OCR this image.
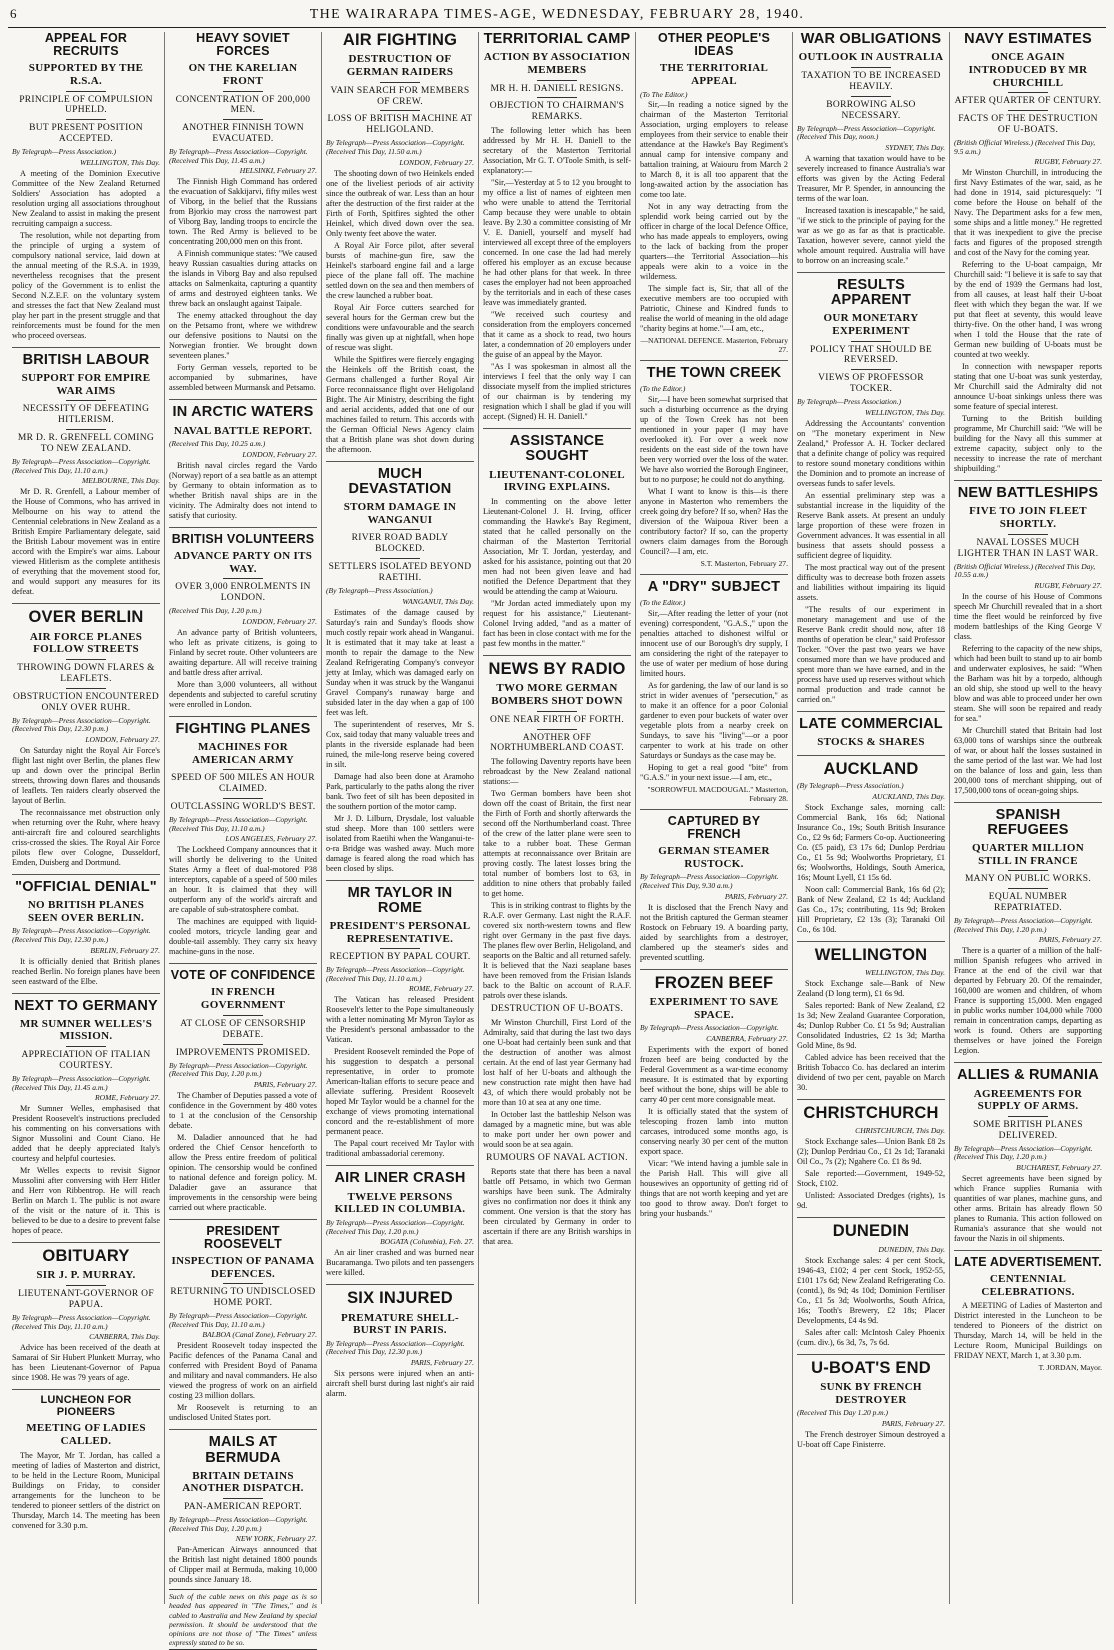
6	THE WAIRARAPA TIMES-AGE, WEDNESDAY, FEBRUARY 28, 1940.
APPEAL FOR RECRUITS
SUPPORTED BY THE R.S.A.
PRINCIPLE OF COMPULSION UPHELD.
BUT PRESENT POSITION ACCEPTED.
By Telegraph—Press Association.)
WELLINGTON, This Day.

A meeting of the Dominion Executive Committee of the New Zealand Returned Soldiers' Association has adopted a resolution urging all associations throughout New Zealand to assist in making the present recruiting campaign a success.

The resolution, while not departing from the principle of urging a system of compulsory national service, laid down at the annual meeting of the R.S.A. in 1939, nevertheless recognises that the present policy of the Government is to enlist the Second N.Z.E.F. on the voluntary system and stresses the fact that New Zealand must play her part in the present struggle and that reinforcements must be found for the men who proceed overseas.

BRITISH LABOUR
SUPPORT FOR EMPIRE WAR AIMS
NECESSITY OF DEFEATING HITLERISM.
MR D. R. GRENFELL COMING TO NEW ZEALAND.
By Telegraph—Press Association—Copyright. (Received This Day, 11.10 a.m.)
MELBOURNE, This Day.

Mr D. R. Grenfell, a Labour member of the House of Commons, who has arrived in Melbourne on his way to attend the Centennial celebrations in New Zealand as a British Empire Parliamentary delegate, said the British Labour movement was in entire accord with the Empire's war aims. Labour viewed Hitlerism as the complete antithesis of everything that the movement stood for, and would support any measures for its defeat.

OVER BERLIN
AIR FORCE PLANES FOLLOW STREETS
THROWING DOWN FLARES & LEAFLETS.
OBSTRUCTION ENCOUNTERED ONLY OVER RUHR.
By Telegraph—Press Association—Copyright. (Received This Day, 12.30 p.m.)
LONDON, February 27.

On Saturday night the Royal Air Force's flight last night over Berlin, the planes flew up and down over the principal Berlin streets, throwing down flares and thousands of leaflets. Ten raiders clearly observed the layout of Berlin.

The reconnaissance met obstruction only when returning over the Ruhr, where heavy anti-aircraft fire and coloured searchlights criss-crossed the skies. The Royal Air Force pilots flew over Cologne, Dusseldorf, Emden, Duisberg and Dortmund.

"OFFICIAL DENIAL"
NO BRITISH PLANES SEEN OVER BERLIN.
By Telegraph—Press Association—Copyright. (Received This Day, 12.30 p.m.)
BERLIN, February 27.

It is officially denied that British planes reached Berlin. No foreign planes have been seen eastward of the Elbe.

NEXT TO GERMANY
MR SUMNER WELLES'S MISSION.
APPRECIATION OF ITALIAN COURTESY.
By Telegraph—Press Association—Copyright. (Received This Day, 11.45 a.m.)
ROME, February 27.

Mr Sumner Welles, emphasised that President Roosevelt's instructions precluded his commenting on his conversations with Signor Mussolini and Count Ciano. He added that he deeply appreciated Italy's courtesy and helpful courtesies.

Mr Welles expects to revisit Signor Mussolini after conversing with Herr Hitler and Herr von Ribbentrop. He will reach Berlin on March 1. The public is not aware of the visit or the nature of it. This is believed to be due to a desire to prevent false hopes of peace.

OBITUARY
SIR J. P. MURRAY.
LIEUTENANT-GOVERNOR OF PAPUA.
By Telegraph—Press Association—Copyright. (Received This Day, 11.10 a.m.)
CANBERRA, This Day.

Advice has been received of the death at Samarai of Sir Hubert Plunkett Murray, who has been Lieutenant-Governor of Papua since 1908. He was 79 years of age.

LUNCHEON FOR PIONEERS
MEETING OF LADIES CALLED.

The Mayor, Mr T. Jordan, has called a meeting of ladies of Masterton and district, to be held in the Lecture Room, Municipal Buildings on Friday, to consider arrangements for the luncheon to be tendered to pioneer settlers of the district on Thursday, March 14. The meeting has been convened for 3.30 p.m.

HEAVY SOVIET FORCES
ON THE KARELIAN FRONT
CONCENTRATION OF 200,000 MEN.
ANOTHER FINNISH TOWN EVACUATED.
By Telegraph—Press Association—Copyright. (Received This Day, 11.45 a.m.)
HELSINKI, February 27.

The Finnish High Command has ordered the evacuation of Sakkijarvi, fifty miles west of Viborg, in the belief that the Russians from Bjorkio may cross the narrowest part of Viborg Bay, landing troops to encircle the town. The Red Army is believed to be concentrating 200,000 men on this front.

A Finnish communique states: "We caused heavy Russian casualties during attacks on the islands in Viborg Bay and also repulsed attacks on Salmenkaita, capturing a quantity of arms and destroyed eighteen tanks. We threw back an onslaught against Taipale.

The enemy attacked throughout the day on the Petsamo front, where we withdrew our defensive positions to Nautsi on the Norwegian frontier. We brought down seventeen planes."

Forty German vessels, reported to be accompanied by submarines, have assembled between Murmansk and Petsamo.

IN ARCTIC WATERS
NAVAL BATTLE REPORT.
(Received This Day, 10.25 a.m.)
LONDON, February 27.

British naval circles regard the Vardo (Norway) report of a sea battle as an attempt by Germany to obtain information as to whether British naval ships are in the vicinity. The Admiralty does not intend to satisfy that curiosity.

BRITISH VOLUNTEERS
ADVANCE PARTY ON ITS WAY.
OVER 3,000 ENROLMENTS IN LONDON.
(Received This Day, 1.20 p.m.)
LONDON, February 27.

An advance party of British volunteers, who left as private citizens, is going to Finland by secret route. Other volunteers are awaiting departure. All will receive training and battle dress after arrival.

More than 3,000 volunteers, all without dependents and subjected to careful scrutiny were enrolled in London.

FIGHTING PLANES
MACHINES FOR AMERICAN ARMY
SPEED OF 500 MILES AN HOUR CLAIMED.
OUTCLASSING WORLD'S BEST.
By Telegraph—Press Association—Copyright. (Received This Day, 11.10 a.m.)
LOS ANGELES, February 27.

The Lockheed Company announces that it will shortly be delivering to the United States Army a fleet of dual-motored P38 interceptors, capable of a speed of 500 miles an hour. It is claimed that they will outperform any of the world's aircraft and are capable of sub-stratosphere combat.

The machines are equipped with liquid-cooled motors, tricycle landing gear and double-tail assembly. They carry six heavy machine-guns in the nose.

VOTE OF CONFIDENCE
IN FRENCH GOVERNMENT
AT CLOSE OF CENSORSHIP DEBATE.
IMPROVEMENTS PROMISED.
By Telegraph—Press Association—Copyright. (Received This Day, 1.20 p.m.)
PARIS, February 27.

The Chamber of Deputies passed a vote of confidence in the Government by 480 votes to 1 at the conclusion of the Censorship debate.

M. Daladier announced that he had ordered the Chief Censor henceforth to allow the Press entire freedom of political opinion. The censorship would be confined to national defence and foreign policy. M. Daladier gave an assurance that improvements in the censorship were being carried out where practicable.

PRESIDENT ROOSEVELT
INSPECTION OF PANAMA DEFENCES.
RETURNING TO UNDISCLOSED HOME PORT.
By Telegraph—Press Association—Copyright. (Received This Day, 11.10 a.m.)
BALBOA (Canal Zone), February 27.

President Roosevelt today inspected the Pacific defences of the Panama Canal and conferred with President Boyd of Panama and military and naval commanders. He also viewed the progress of work on an airfield costing 23 million dollars.

Mr Roosevelt is returning to an undisclosed United States port.

MAILS AT BERMUDA
BRITAIN DETAINS ANOTHER DISPATCH.
PAN-AMERICAN REPORT.
By Telegraph—Press Association—Copyright. (Received This Day, 1.20 p.m.)
NEW YORK, February 27.

Pan-American Airways announced that the British last night detained 1800 pounds of Clipper mail at Bermuda, making 10,000 pounds since January 18.

Such of the cable news on this page as is so headed has appeared in "The Times," and is cabled to Australia and New Zealand by special permission. It should be understood that the opinions are not those of "The Times" unless expressly stated to be so.
AIR FIGHTING
DESTRUCTION OF GERMAN RAIDERS
VAIN SEARCH FOR MEMBERS OF CREW.
LOSS OF BRITISH MACHINE AT HELIGOLAND.
By Telegraph—Press Association—Copyright. (Received This Day, 11.50 a.m.)
LONDON, February 27.

The shooting down of two Heinkels ended one of the liveliest periods of air activity since the outbreak of war. Less than an hour after the destruction of the first raider at the Firth of Forth, Spitfires sighted the other Heinkel, which dived down over the sea. Only twenty feet above the water.

A Royal Air Force pilot, after several bursts of machine-gun fire, saw the Heinkel's starboard engine fail and a large piece of the plane fall off. The machine settled down on the sea and then members of the crew launched a rubber boat.

Royal Air Force cutters searched for several hours for the German crew but the conditions were unfavourable and the search finally was given up at nightfall, when hope of rescue was slight.

While the Spitfires were fiercely engaging the Heinkels off the British coast, the Germans challenged a further Royal Air Force reconnaissance flight over Heligoland Bight. The Air Ministry, describing the fight and aerial accidents, added that one of our machines failed to return. This accords with the German Official News Agency claim that a British plane was shot down during the afternoon.

MUCH DEVASTATION
STORM DAMAGE IN WANGANUI
RIVER ROAD BADLY BLOCKED.
SETTLERS ISOLATED BEYOND RAETIHI.
(By Telegraph—Press Association.)
WANGANUI, This Day.

Estimates of the damage caused by Saturday's rain and Sunday's floods show much costly repair work ahead in Wanganui. It is estimated that it may take at least a month to repair the damage to the New Zealand Refrigerating Company's conveyor jetty at Imlay, which was damaged early on Sunday when it was struck by the Wanganui Gravel Company's runaway barge and subsided later in the day when a gap of 100 feet was left.

The superintendent of reserves, Mr S. Cox, said today that many valuable trees and plants in the riverside esplanade had been ruined, the mile-long reserve being covered in silt.

Damage had also been done at Aramoho Park, particularly to the paths along the river bank. Two feet of silt has been deposited in the southern portion of the motor camp.

Mr J. D. Lilburn, Drysdale, lost valuable stud sheep. More than 100 settlers were isolated from Raetihi when the Wanganui-te-o-ra Bridge was washed away. Much more damage is feared along the road which has been closed by slips.

MR TAYLOR IN ROME
PRESIDENT'S PERSONAL REPRESENTATIVE.
RECEPTION BY PAPAL COURT.
By Telegraph—Press Association—Copyright. (Received This Day, 11.10 a.m.)
ROME, February 27.

The Vatican has released President Roosevelt's letter to the Pope simultaneously with a letter nominating Mr Myron Taylor as the President's personal ambassador to the Vatican.

President Roosevelt reminded the Pope of his suggestion to despatch a personal representative, in order to promote American-Italian efforts to secure peace and alleviate suffering. President Roosevelt hoped Mr Taylor would be a channel for the exchange of views promoting international concord and the re-establishment of more permanent peace.

The Papal court received Mr Taylor with traditional ambassadorial ceremony.

AIR LINER CRASH
TWELVE PERSONS KILLED IN COLUMBIA.
By Telegraph—Press Association—Copyright. (Received This Day, 1.20 p.m.)
BOGATA (Columbia), Feb. 27.

An air liner crashed and was burned near Bucaramanga. Two pilots and ten passengers were killed.

SIX INJURED
PREMATURE SHELL-BURST IN PARIS.
By Telegraph—Press Association—Copyright. (Received This Day, 12.30 p.m.)
PARIS, February 27.

Six persons were injured when an anti-aircraft shell burst during last night's air raid alarm.

TERRITORIAL CAMP
ACTION BY ASSOCIATION MEMBERS
MR H. H. DANIELL RESIGNS.
OBJECTION TO CHAIRMAN'S REMARKS.

The following letter which has been addressed by Mr H. H. Daniell to the secretary of the Masterton Territorial Association, Mr G. T. O'Toole Smith, is self-explanatory:—

"Sir,—Yesterday at 5 to 12 you brought to my office a list of names of eighteen men who were unable to attend the Territorial Camp because they were unable to obtain leave. By 2.30 a committee consisting of Mr V. E. Daniell, yourself and myself had interviewed all except three of the employers concerned. In one case the lad had merely offered his employer as an excuse because he had other plans for that week. In three cases the employer had not been approached by the territorials and in each of these cases leave was immediately granted.

"We received such courtesy and consideration from the employers concerned that it came as a shock to read, two hours later, a condemnation of 20 employers under the guise of an appeal by the Mayor.

"As I was spokesman in almost all the interviews I feel that the only way I can dissociate myself from the implied strictures of our chairman is by tendering my resignation which I shall be glad if you will accept. (Signed) H. H. Daniell."

ASSISTANCE SOUGHT
LIEUTENANT-COLONEL IRVING EXPLAINS.

In commenting on the above letter Lieutenant-Colonel J. H. Irving, officer commanding the Hawke's Bay Regiment, stated that he called personally on the chairman of the Masterton Territorial Association, Mr T. Jordan, yesterday, and asked for his assistance, pointing out that 20 men had not been given leave and had notified the Defence Department that they would be attending the camp at Waiouru.

"Mr Jordan acted immediately upon my request for his assistance," Lieutenant-Colonel Irving added, "and as a matter of fact has been in close contact with me for the past few months in the matter."

NEWS BY RADIO
TWO MORE GERMAN BOMBERS SHOT DOWN
ONE NEAR FIRTH OF FORTH.
ANOTHER OFF NORTHUMBERLAND COAST.

The following Daventry reports have been rebroadcast by the New Zealand national stations:—

Two German bombers have been shot down off the coast of Britain, the first near the Firth of Forth and shortly afterwards the second off the Northumberland coast. Three of the crew of the latter plane were seen to take to a rubber boat. These German attempts at reconnaissance over Britain are proving costly. The latest losses bring the total number of bombers lost to 63, in addition to nine others that probably failed to get home.

This is in striking contrast to flights by the R.A.F. over Germany. Last night the R.A.F. covered six north-western towns and flew right over Germany in the past five days. The planes flew over Berlin, Heligoland, and seaports on the Baltic and all returned safely. It is believed that the Nazi seaplane bases have been removed from the Frisian Islands back to the Baltic on account of R.A.F. patrols over these islands.

DESTRUCTION OF U-BOATS.

Mr Winston Churchill, First Lord of the Admiralty, said that during the last two days one U-boat had certainly been sunk and that the destruction of another was almost certain. At the end of last year Germany had lost half of her U-boats and although the new construction rate might then have had 43, of which there would probably not be more than 10 at sea at any one time.

In October last the battleship Nelson was damaged by a magnetic mine, but was able to make port under her own power and would soon be at sea again.

RUMOURS OF NAVAL ACTION.

Reports state that there has been a naval battle off Petsamo, in which two German warships have been sunk. The Admiralty gives no confirmation nor does it think any comment. One version is that the story has been circulated by Germany in order to ascertain if there are any British warships in that area.

OTHER PEOPLE'S IDEAS
THE TERRITORIAL APPEAL
(To The Editor.)

Sir,—In reading a notice signed by the chairman of the Masterton Territorial Association, urging employers to release employees from their service to enable their attendance at the Hawke's Bay Regiment's annual camp for intensive company and battalion training, at Waiouru from March 2 to March 8, it is all too apparent that the long-awaited action by the association has come too late.

Not in any way detracting from the splendid work being carried out by the officer in charge of the local Defence Office, who has made appeals to employers, owing to the lack of backing from the proper quarters—the Territorial Association—his appeals were akin to a voice in the wilderness.

The simple fact is, Sir, that all of the executive members are too occupied with Patriotic, Chinese and Kindred funds to realise the world of meaning in the old adage "charity begins at home."—I am, etc.,

—NATIONAL DEFENCE. Masterton, February 27.
THE TOWN CREEK
(To the Editor.)

Sir,—I have been somewhat surprised that such a disturbing occurrence as the drying up of the Town Creek has not been mentioned in your paper (I may have overlooked it). For over a week now residents on the east side of the town have been very worried over the loss of the water. We have also worried the Borough Engineer, but to no purpose; he could not do anything.

What I want to know is this—is there anyone in Masterton who remembers the creek going dry before? If so, when? Has the diversion of the Waipoua River been a contributory factor? If so, can the property owners claim damages from the Borough Council?—I am, etc.

S.T. Masterton, February 27.
A "DRY" SUBJECT
(To the Editor.)

Sir,—After reading the letter of your (not evening) correspondent, "G.A.S.," upon the penalties attached to dishonest wilful or innocent use of our Borough's dry supply, I am considering the right of the ratepayer to the use of water per medium of hose during limited hours.

As for gardening, the law of our land is so strict in wider avenues of "persecution," as to make it an offence for a poor Colonial gardener to even pour buckets of water over vegetable plots from a nearby creek on Sundays, to save his "living"—or a poor carpenter to work at his trade on other Saturdays or Sundays as the case may be.

Hoping to get a real good "bite" from "G.A.S." in your next issue.—I am, etc.,

"SORROWFUL MACDOUGAL." Masterton, February 28.
CAPTURED BY FRENCH
GERMAN STEAMER RUSTOCK.
By Telegraph—Press Association—Copyright. (Received This Day, 9.30 a.m.)
PARIS, February 27.

It is disclosed that the French Navy and not the British captured the German steamer Rostock on February 19. A boarding party, aided by searchlights from a destroyer, clambered up the steamer's sides and prevented scuttling.

FROZEN BEEF
EXPERIMENT TO SAVE SPACE.
By Telegraph—Press Association—Copyright.
CANBERRA, February 27.

Experiments with the export of boned frozen beef are being conducted by the Federal Government as a war-time economy measure. It is estimated that by exporting beef without the bone, ships will be able to carry 40 per cent more consignable meat.

It is officially stated that the system of telescoping frozen lamb into mutton carcases, introduced some months ago, is conserving nearly 30 per cent of the mutton export space.

Vicar: "We intend having a jumble sale in the Parish Hall. This will give all housewives an opportunity of getting rid of things that are not worth keeping and yet are too good to throw away. Don't forget to bring your husbands."

WAR OBLIGATIONS
OUTLOOK IN AUSTRALIA
TAXATION TO BE INCREASED HEAVILY.
BORROWING ALSO NECESSARY.
By Telegraph—Press Association—Copyright. (Received This Day, noon.)
SYDNEY, This Day.

A warning that taxation would have to be severely increased to finance Australia's war efforts was given by the Acting Federal Treasurer, Mr P. Spender, in announcing the terms of the war loan.

Increased taxation is inescapable," he said, "if we stick to the principle of paying for the war as we go as far as that is practicable. Taxation, however severe, cannot yield the whole amount required. Australia will have to borrow on an increasing scale."

RESULTS APPARENT
OUR MONETARY EXPERIMENT
POLICY THAT SHOULD BE REVERSED.
VIEWS OF PROFESSOR TOCKER.
By Telegraph—Press Association.)
WELLINGTON, This Day.

Addressing the Accountants' convention on "The monetary experiment in New Zealand," Professor A. H. Tocker declared that a definite change of policy was required to restore sound monetary conditions within the Dominion and to promote an increase of overseas funds to safer levels.

An essential preliminary step was a substantial increase in the liquidity of the Reserve Bank assets. At present an unduly large proportion of these were frozen in Government advances. It was essential in all business that assets should possess a sufficient degree of liquidity.

The most practical way out of the present difficulty was to decrease both frozen assets and liabilities without impairing its liquid assets.

"The results of our experiment in monetary management and use of the Reserve Bank credit should now, after 18 months of operation be clear," said Professor Tocker. "Over the past two years we have consumed more than we have produced and spent more than we have earned, and in the process have used up reserves without which normal production and trade cannot be carried on."

LATE COMMERCIAL
STOCKS & SHARES
AUCKLAND
(By Telegraph—Press Association.)
AUCKLAND, This Day.

Stock Exchange sales, morning call: Commercial Bank, 16s 6d; National Insurance Co., 19s; South British Insurance Co., £2 9s 6d; Farmers Co-op. Auctioneering Co. (£5 paid), £3 17s 6d; Dunlop Perdriau Co., £1 5s 9d; Woolworths Proprietary, £1 6s; Woolworths, Holdings, South America, 16s; Mount Lyell, £1 15s 6d.

Noon call: Commercial Bank, 16s 6d (2); Bank of New Zealand, £2 1s 4d; Auckland Gas Co., 17s; contributing, 11s 9d; Broken Hill Proprietary, £2 13s (3); Taranaki Oil Co., 6s 10d.

WELLINGTON
WELLINGTON, This Day.

Stock Exchange sale—Bank of New Zealand (D long term), £1 6s 9d.

Sales reported: Bank of New Zealand, £2 1s 3d; New Zealand Guarantee Corporation, 4s; Dunlop Rubber Co. £1 5s 9d; Australian Consolidated Industries, £2 1s 3d; Martha Gold Mine, 8s 9d.

Cabled advice has been received that the British Tobacco Co. has declared an interim dividend of two per cent, payable on March 30.

CHRISTCHURCH
CHRISTCHURCH, This Day.

Stock Exchange sales—Union Bank £8 2s (2); Dunlop Perdriau Co., £1 2s 1d; Taranaki Oil Co., 7s (2); Ngahere Co. £1 8s 9d.

Sale reported:—Government, 1949-52, Stock, £102.

Unlisted: Associated Dredges (rights), 1s 9d.

DUNEDIN
DUNEDIN, This Day.

Stock Exchange sales: 4 per cent Stock, 1946-43, £102; 4 per cent Stock, 1952-55, £101 17s 6d; New Zealand Refrigerating Co. (contd.), 8s 9d; 4s 10d; Dominion Fertiliser Co., £1 5s 3d; Woolworths, South Africa, 16s; Tooth's Brewery, £2 18s; Placer Developments, £4 4s 9d.

Sales after call: McIntosh Caley Phoenix (cum. div.), 6s 3d, 7s, 7s 6d.

U-BOAT'S END
SUNK BY FRENCH DESTROYER
(Received This Day 1.20 p.m.)
PARIS, February 27.

The French destroyer Simoun destroyed a U-boat off Cape Finisterre.

NAVY ESTIMATES
ONCE AGAIN INTRODUCED BY MR CHURCHILL
AFTER QUARTER OF CENTURY.
FACTS OF THE DESTRUCTION OF U-BOATS.
(British Official Wireless.) (Received This Day, 9.5 a.m.)
RUGBY, February 27.

Mr Winston Churchill, in introducing the first Navy Estimates of the war, said, as he had done in 1914, said picturesquely: "I come before the House on behalf of the Navy. The Department asks for a few men, some ships and a little money." He regretted that it was inexpedient to give the precise facts and figures of the proposed strength and cost of the Navy for the coming year.

Referring to the U-boat campaign, Mr Churchill said: "I believe it is safe to say that by the end of 1939 the Germans had lost, from all causes, at least half their U-boat fleet with which they began the war. If we put that fleet at seventy, this would leave thirty-five. On the other hand, I was wrong when I told the House that the rate of German new building of U-boats must be counted at two weekly.

In connection with newspaper reports stating that one U-boat was sunk yesterday, Mr Churchill said the Admiralty did not announce U-boat sinkings unless there was some feature of special interest.

Turning to the British building programme, Mr Churchill said: "We will be building for the Navy all this summer at extreme capacity, subject only to the necessity to increase the rate of merchant shipbuilding."

NEW BATTLESHIPS
FIVE TO JOIN FLEET SHORTLY.
NAVAL LOSSES MUCH LIGHTER THAN IN LAST WAR.
(British Official Wireless.) (Received This Day, 10.55 a.m.)
RUGBY, February 27.

In the course of his House of Commons speech Mr Churchill revealed that in a short time the fleet would be reinforced by five modern battleships of the King George V class.

Referring to the capacity of the new ships, which had been built to stand up to air bomb and underwater explosives, he said: "When the Barham was hit by a torpedo, although an old ship, she stood up well to the heavy blow and was able to proceed under her own steam. She will soon be repaired and ready for sea."

Mr Churchill stated that Britain had lost 63,000 tons of warships since the outbreak of war, or about half the losses sustained in the same period of the last war. We had lost on the balance of loss and gain, less than 200,000 tons of merchant shipping, out of 17,500,000 tons of ocean-going ships.

SPANISH REFUGEES
QUARTER MILLION STILL IN FRANCE
MANY ON PUBLIC WORKS.
EQUAL NUMBER REPATRIATED.
By Telegraph—Press Association—Copyright. (Received This Day, 1.20 p.m.)
PARIS, February 27.

There is a quarter of a million of the half-million Spanish refugees who arrived in France at the end of the civil war that departed by February 20. Of the remainder, 160,000 are women and children, of whom France is supporting 15,000. Men engaged in public works number 104,000 while 7000 remain in concentration camps, departing as work is found. Others are supporting themselves or have joined the Foreign Legion.

ALLIES & RUMANIA
AGREEMENTS FOR SUPPLY OF ARMS.
SOME BRITISH PLANES DELIVERED.
By Telegraph—Press Association—Copyright. (Received This Day, 1.20 p.m.)
BUCHAREST, February 27.

Secret agreements have been signed by which France supplies Rumania with quantities of war planes, machine guns, and other arms. Britain has already flown 50 planes to Rumania. This action followed on Rumania's assurance that she would not favour the Nazis in oil shipments.

LATE ADVERTISEMENT.
CENTENNIAL CELEBRATIONS.

A MEETING of Ladies of Masterton and District interested in the Luncheon to be tendered to Pioneers of the district on Thursday, March 14, will be held in the Lecture Room, Municipal Buildings on FRIDAY NEXT, March 1, at 3.30 p.m.

T. JORDAN, Mayor.
